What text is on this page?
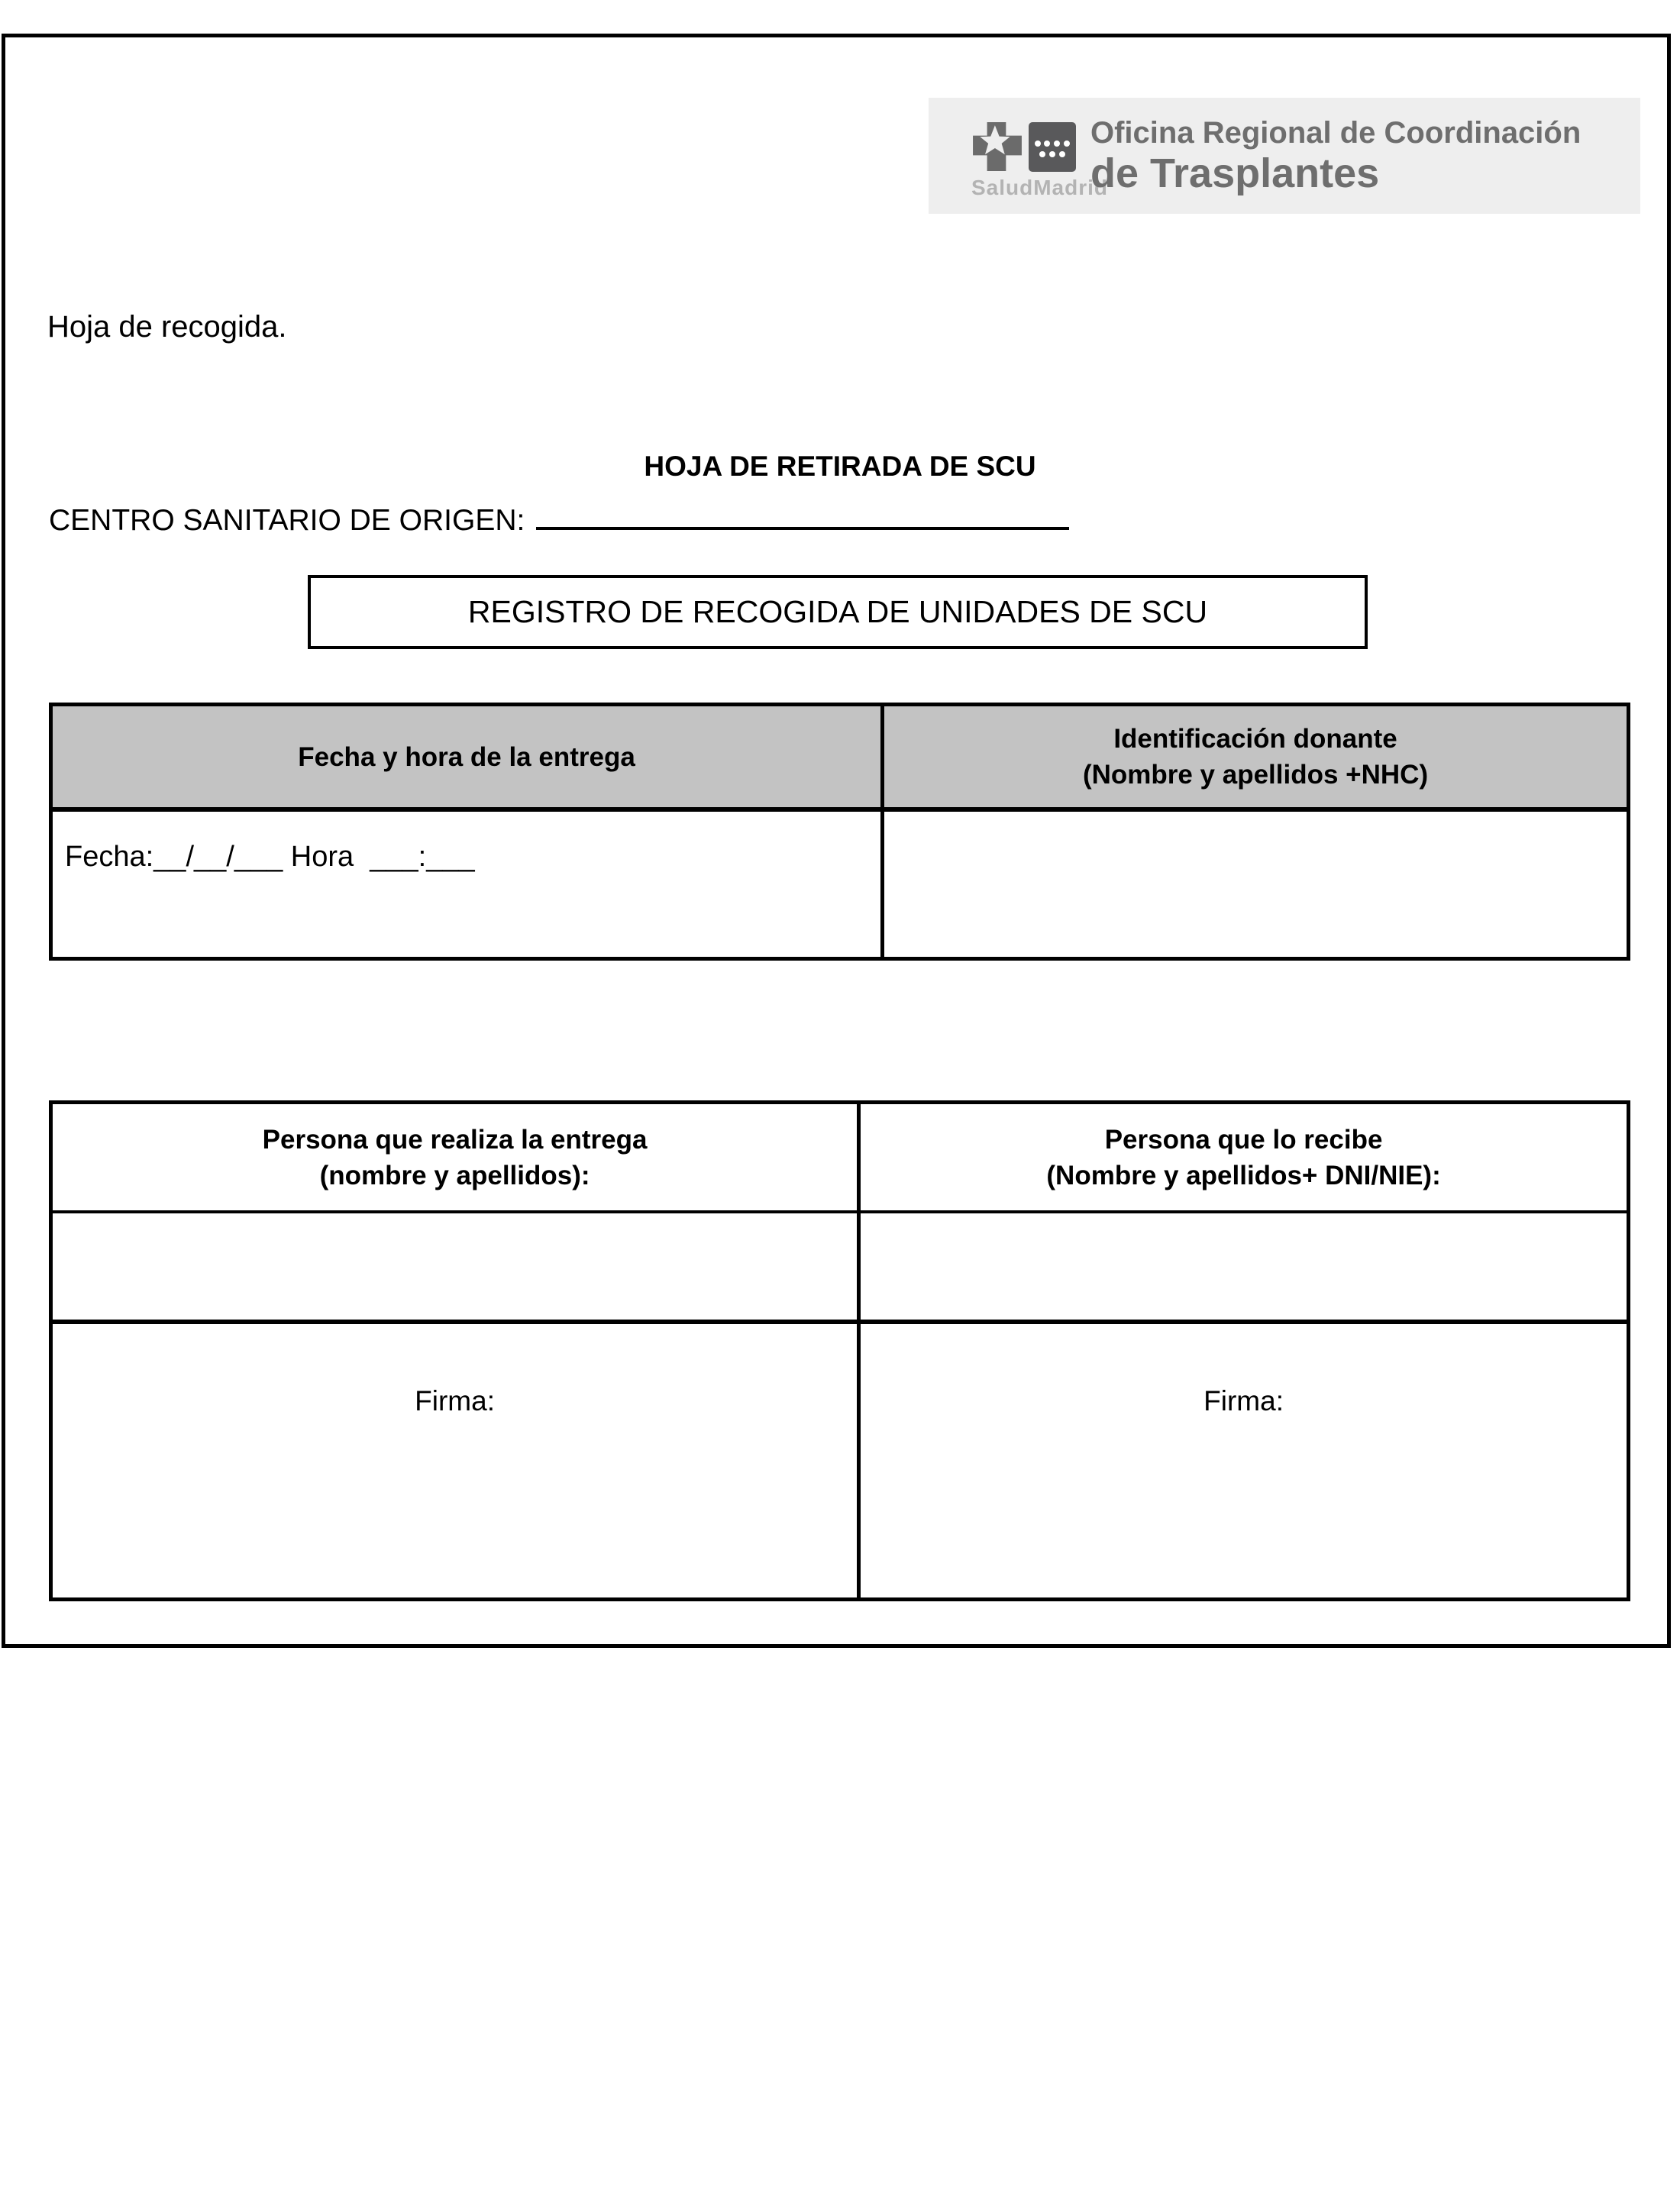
SaludMadrid
Oficina Regional de Coordinación
de Trasplantes
Hoja de recogida.
HOJA DE RETIRADA DE SCU
CENTRO SANITARIO DE ORIGEN:
REGISTRO DE RECOGIDA DE UNIDADES DE SCU
Fecha y hora de la entrega
Identificación donante
(Nombre y apellidos +NHC)
Fecha:__/__/___ Hora  ___:___
Persona que realiza la entrega
(nombre y apellidos):
Persona que lo recibe
(Nombre y apellidos+ DNI/NIE):
Firma:	Firma:
